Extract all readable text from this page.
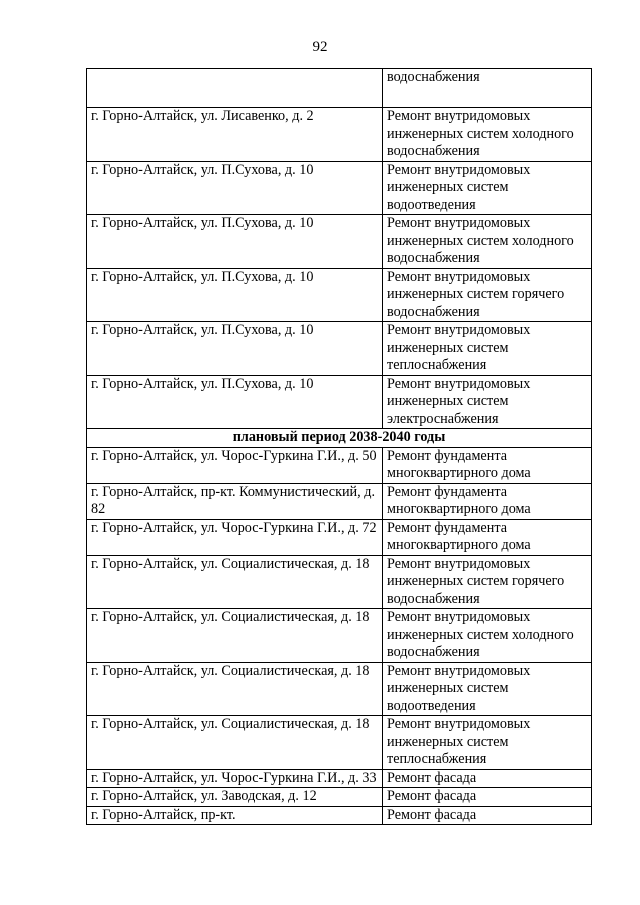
92
	водоснабжения
г. Горно-Алтайск, ул. Лисавенко, д. 2	Ремонт внутридомовых инженерных систем холодного водоснабжения
г. Горно-Алтайск, ул. П.Сухова, д. 10	Ремонт внутридомовых инженерных систем водоотведения
г. Горно-Алтайск, ул. П.Сухова, д. 10	Ремонт внутридомовых инженерных систем холодного водоснабжения
г. Горно-Алтайск, ул. П.Сухова, д. 10	Ремонт внутридомовых инженерных систем горячего водоснабжения
г. Горно-Алтайск, ул. П.Сухова, д. 10	Ремонт внутридомовых инженерных систем теплоснабжения
г. Горно-Алтайск, ул. П.Сухова, д. 10	Ремонт внутридомовых инженерных систем электроснабжения
плановый период 2038-2040 годы	
г. Горно-Алтайск, ул. Чорос-Гуркина Г.И., д. 50	Ремонт фундамента многоквартирного дома
г. Горно-Алтайск, пр-кт. Коммунистический, д. 82	Ремонт фундамента многоквартирного дома
г. Горно-Алтайск, ул. Чорос-Гуркина Г.И., д. 72	Ремонт фундамента многоквартирного дома
г. Горно-Алтайск, ул. Социалистическая, д. 18	Ремонт внутридомовых инженерных систем горячего водоснабжения
г. Горно-Алтайск, ул. Социалистическая, д. 18	Ремонт внутридомовых инженерных систем холодного водоснабжения
г. Горно-Алтайск, ул. Социалистическая, д. 18	Ремонт внутридомовых инженерных систем водоотведения
г. Горно-Алтайск, ул. Социалистическая, д. 18	Ремонт внутридомовых инженерных систем теплоснабжения
г. Горно-Алтайск, ул. Чорос-Гуркина Г.И., д. 33	Ремонт фасада
г. Горно-Алтайск, ул. Заводская, д. 12	Ремонт фасада
г. Горно-Алтайск, пр-кт.	Ремонт фасада
